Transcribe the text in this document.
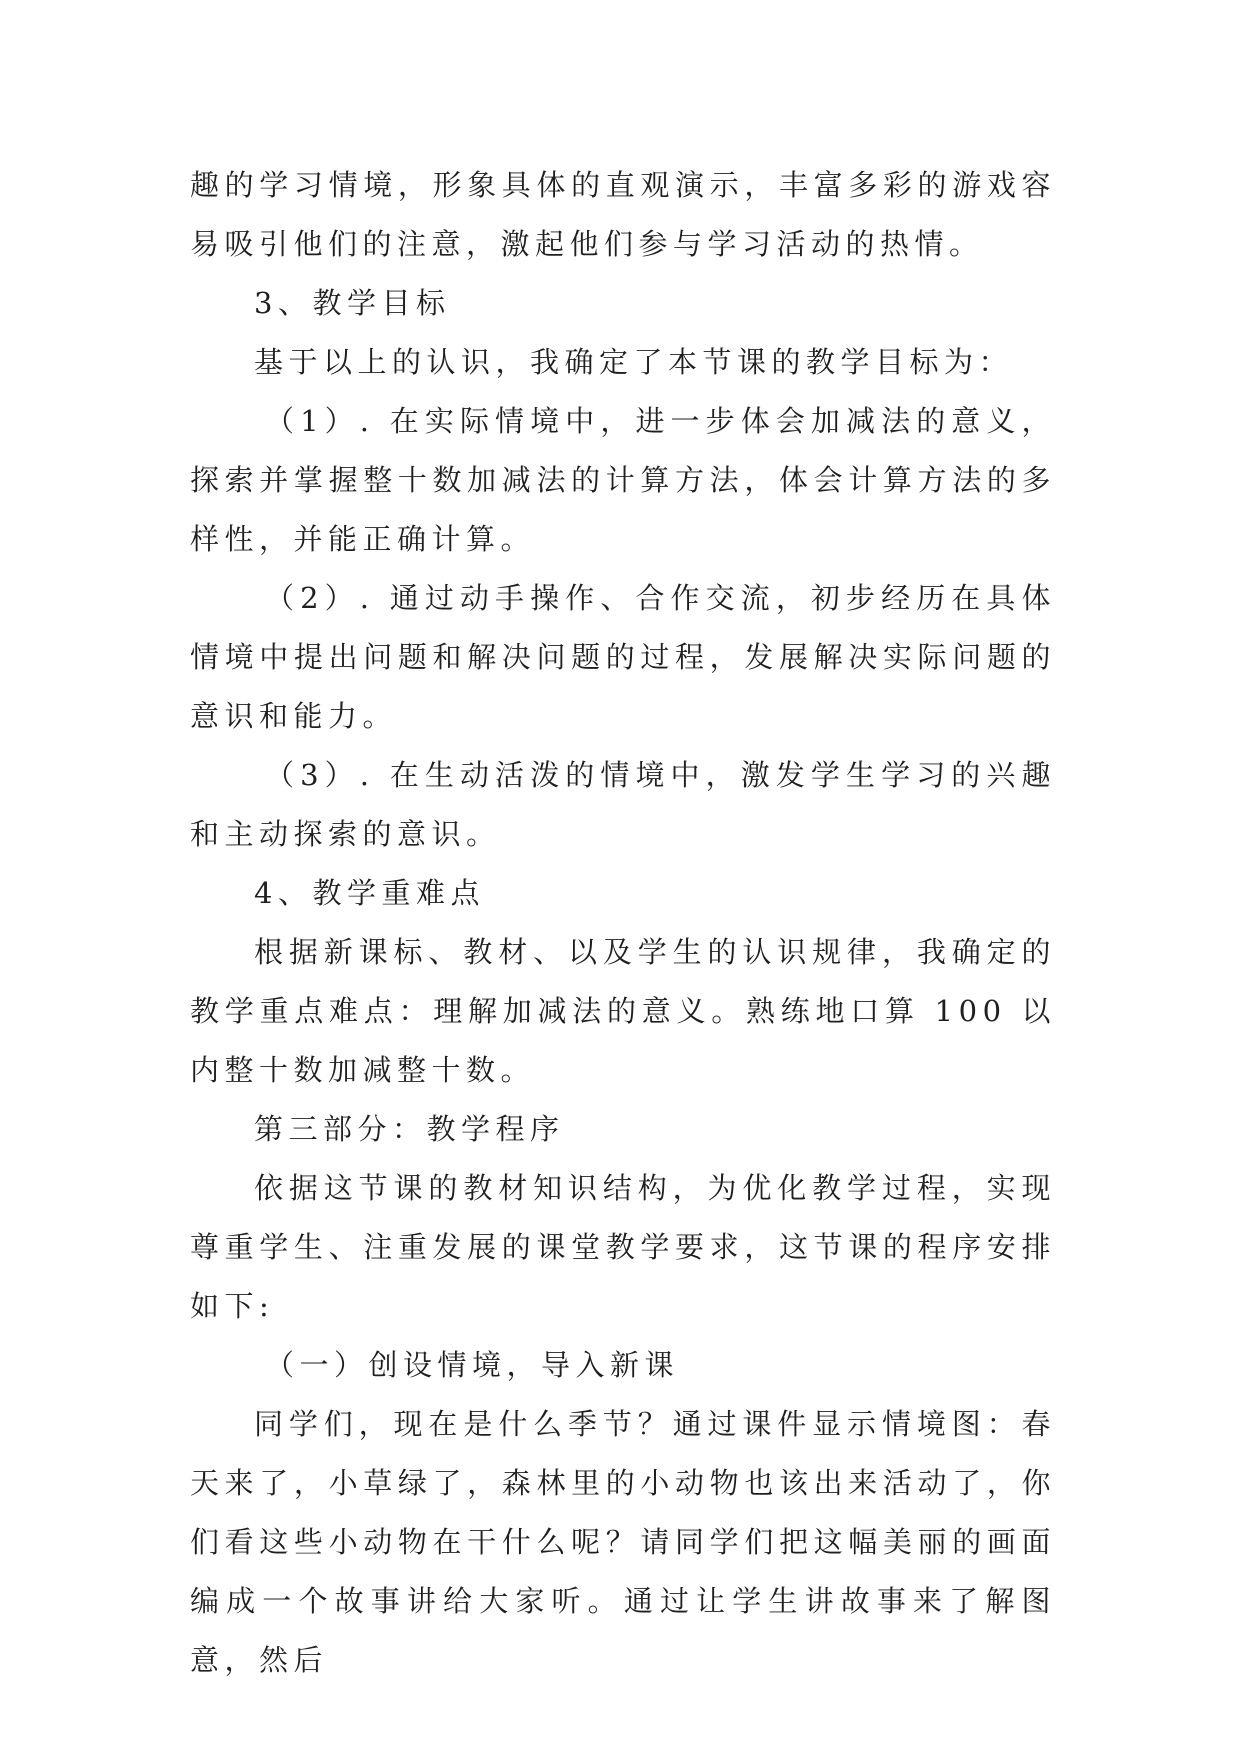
趣的学习情境，形象具体的直观演示，丰富多彩的游戏容易吸引他们的注意，激起他们参与学习活动的热情。

3、教学目标

基于以上的认识，我确定了本节课的教学目标为：

（1）. 在实际情境中，进一步体会加减法的意义，探索并掌握整十数加减法的计算方法，体会计算方法的多样性，并能正确计算。

（2）. 通过动手操作、合作交流，初步经历在具体情境中提出问题和解决问题的过程，发展解决实际问题的意识和能力。

（3）. 在生动活泼的情境中，激发学生学习的兴趣和主动探索的意识。

4、教学重难点

根据新课标、教材、以及学生的认识规律，我确定的教学重点难点：理解加减法的意义。熟练地口算 100 以内整十数加减整十数。

第三部分：教学程序

依据这节课的教材知识结构，为优化教学过程，实现尊重学生、注重发展的课堂教学要求，这节课的程序安排如下:

（一）创设情境，导入新课

同学们，现在是什么季节？通过课件显示情境图：春天来了，小草绿了，森林里的小动物也该出来活动了，你们看这些小动物在干什么呢？请同学们把这幅美丽的画面编成一个故事讲给大家听。通过让学生讲故事来了解图意，然后
